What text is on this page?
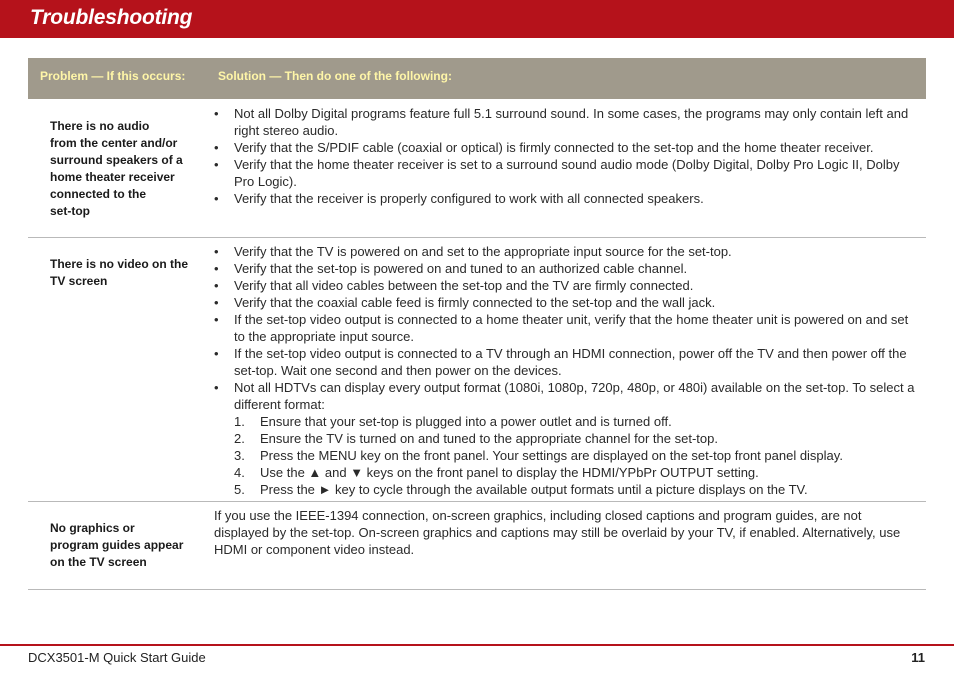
Troubleshooting
Problem — If this occurs:	Solution — Then do one of the following:
There is no audio
from the center and/or
surround speakers of a
home theater receiver
connected to the
set-top
• Not all Dolby Digital programs feature full 5.1 surround sound. In some cases, the programs may only contain left and right stereo audio.
• Verify that the S/PDIF cable (coaxial or optical) is firmly connected to the set-top and the home theater receiver.
• Verify that the home theater receiver is set to a surround sound audio mode (Dolby Digital, Dolby Pro Logic II, Dolby Pro Logic).
• Verify that the receiver is properly configured to work with all connected speakers.
There is no video on the
TV screen
• Verify that the TV is powered on and set to the appropriate input source for the set-top.
• Verify that the set-top is powered on and tuned to an authorized cable channel.
• Verify that all video cables between the set-top and the TV are firmly connected.
• Verify that the coaxial cable feed is firmly connected to the set-top and the wall jack.
• If the set-top video output is connected to a home theater unit, verify that the home theater unit is powered on and set to the appropriate input source.
• If the set-top video output is connected to a TV through an HDMI connection, power off the TV and then power off the set-top. Wait one second and then power on the devices.
• Not all HDTVs can display every output format (1080i, 1080p, 720p, 480p, or 480i) available on the set-top. To select a different format:
1. Ensure that your set-top is plugged into a power outlet and is turned off.
2. Ensure the TV is turned on and tuned to the appropriate channel for the set-top.
3. Press the MENU key on the front panel. Your settings are displayed on the set-top front panel display.
4. Use the ▲ and ▼ keys on the front panel to display the HDMI/YPbPr OUTPUT setting.
5. Press the ► key to cycle through the available output formats until a picture displays on the TV.
No graphics or
program guides appear
on the TV screen
If you use the IEEE-1394 connection, on-screen graphics, including closed captions and program guides, are not displayed by the set-top. On-screen graphics and captions may still be overlaid by your TV, if enabled. Alternatively, use HDMI or component video instead.
DCX3501-M Quick Start Guide	11
